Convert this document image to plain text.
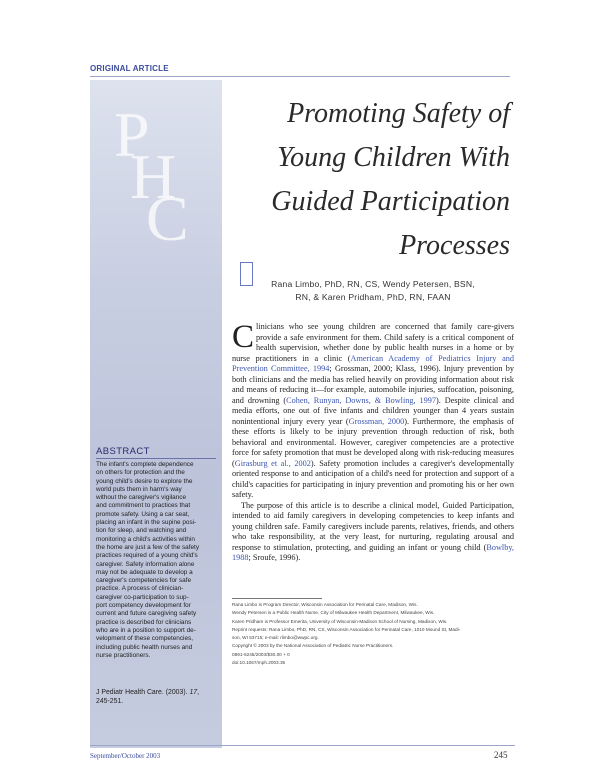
ORIGINAL ARTICLE
P
H
C
Promoting Safety of
Young Children With
Guided Participation
Processes
Rana Limbo, PhD, RN, CS, Wendy Petersen, BSN,
RN, & Karen Pridham, PhD, RN, FAAN
ABSTRACT
The infant's complete dependence
on others for protection and the
young child's desire to explore the
world puts them in harm's way
without the caregiver's vigilance
and commitment to practices that
promote safety. Using a car seat,
placing an infant in the supine posi-
tion for sleep, and watching and
monitoring a child's activities within
the home are just a few of the safety
practices required of a young child's
caregiver. Safety information alone
may not be adequate to develop a
caregiver's competencies for safe
practice. A process of clinician-
caregiver co-participation to sup-
port competency development for
current and future caregiving safety
practice is described for clinicians
who are in a position to support de-
velopment of these competencies,
including public health nurses and
nurse practitioners.
J Pediatr Health Care. (2003). 17,
245-251.

Clinicians who see young children are concerned that family care-givers provide a safe environment for them. Child safety is a critical component of health supervision, whether done by public health nurses in a home or by nurse practitioners in a clinic (American Academy of Pediatrics Injury and Prevention Committee, 1994; Grossman, 2000; Klass, 1996). Injury prevention by both clinicians and the media has relied heavily on providing information about risk and means of reducing it—for example, automobile injuries, suffocation, poisoning, and drowning (Cohen, Runyan, Downs, & Bowling, 1997). Despite clinical and media efforts, one out of five infants and children younger than 4 years sustain nonintentional injury every year (Grossman, 2000). Furthermore, the emphasis of these efforts is likely to be injury prevention through reduction of risk, both behavioral and environmental. However, caregiver competencies are a protective force for safety promotion that must be developed along with risk-reducing measures (Girasburg et al., 2002). Safety promotion includes a caregiver's developmentally oriented response to and anticipation of a child's need for protection and support of a child's capacities for participating in injury prevention and promoting his or her own safety.

The purpose of this article is to describe a clinical model, Guided Participation, intended to aid family caregivers in developing competencies to keep infants and young children safe. Family caregivers include parents, relatives, friends, and others who take responsibility, at the very least, for nurturing, regulating arousal and response to stimulation, protecting, and guiding an infant or young child (Bowlby, 1988; Sroufe, 1996).

Rana Limbo is Program Director, Wisconsin Association for Perinatal Care, Madison, Wis.
Wendy Petersen is a Public Health Nurse, City of Milwaukee Health Department, Milwaukee, Wis.
Karen Pridham is Professor Emerita, University of Wisconsin-Madison School of Nursing, Madison, Wis.
Reprint requests: Rana Limbo, PhD, RN, CS, Wisconsin Association for Perinatal Care, 1010 Mound St, Madi-
son, WI 53715; e-mail: rlimbo@wwpc.org.
Copyright © 2003 by the National Association of Pediatric Nurse Practitioners.
0891-5245/2003/$30.00 + 0
doi:10.1067/mph.2003.35
September/October 2003	245
